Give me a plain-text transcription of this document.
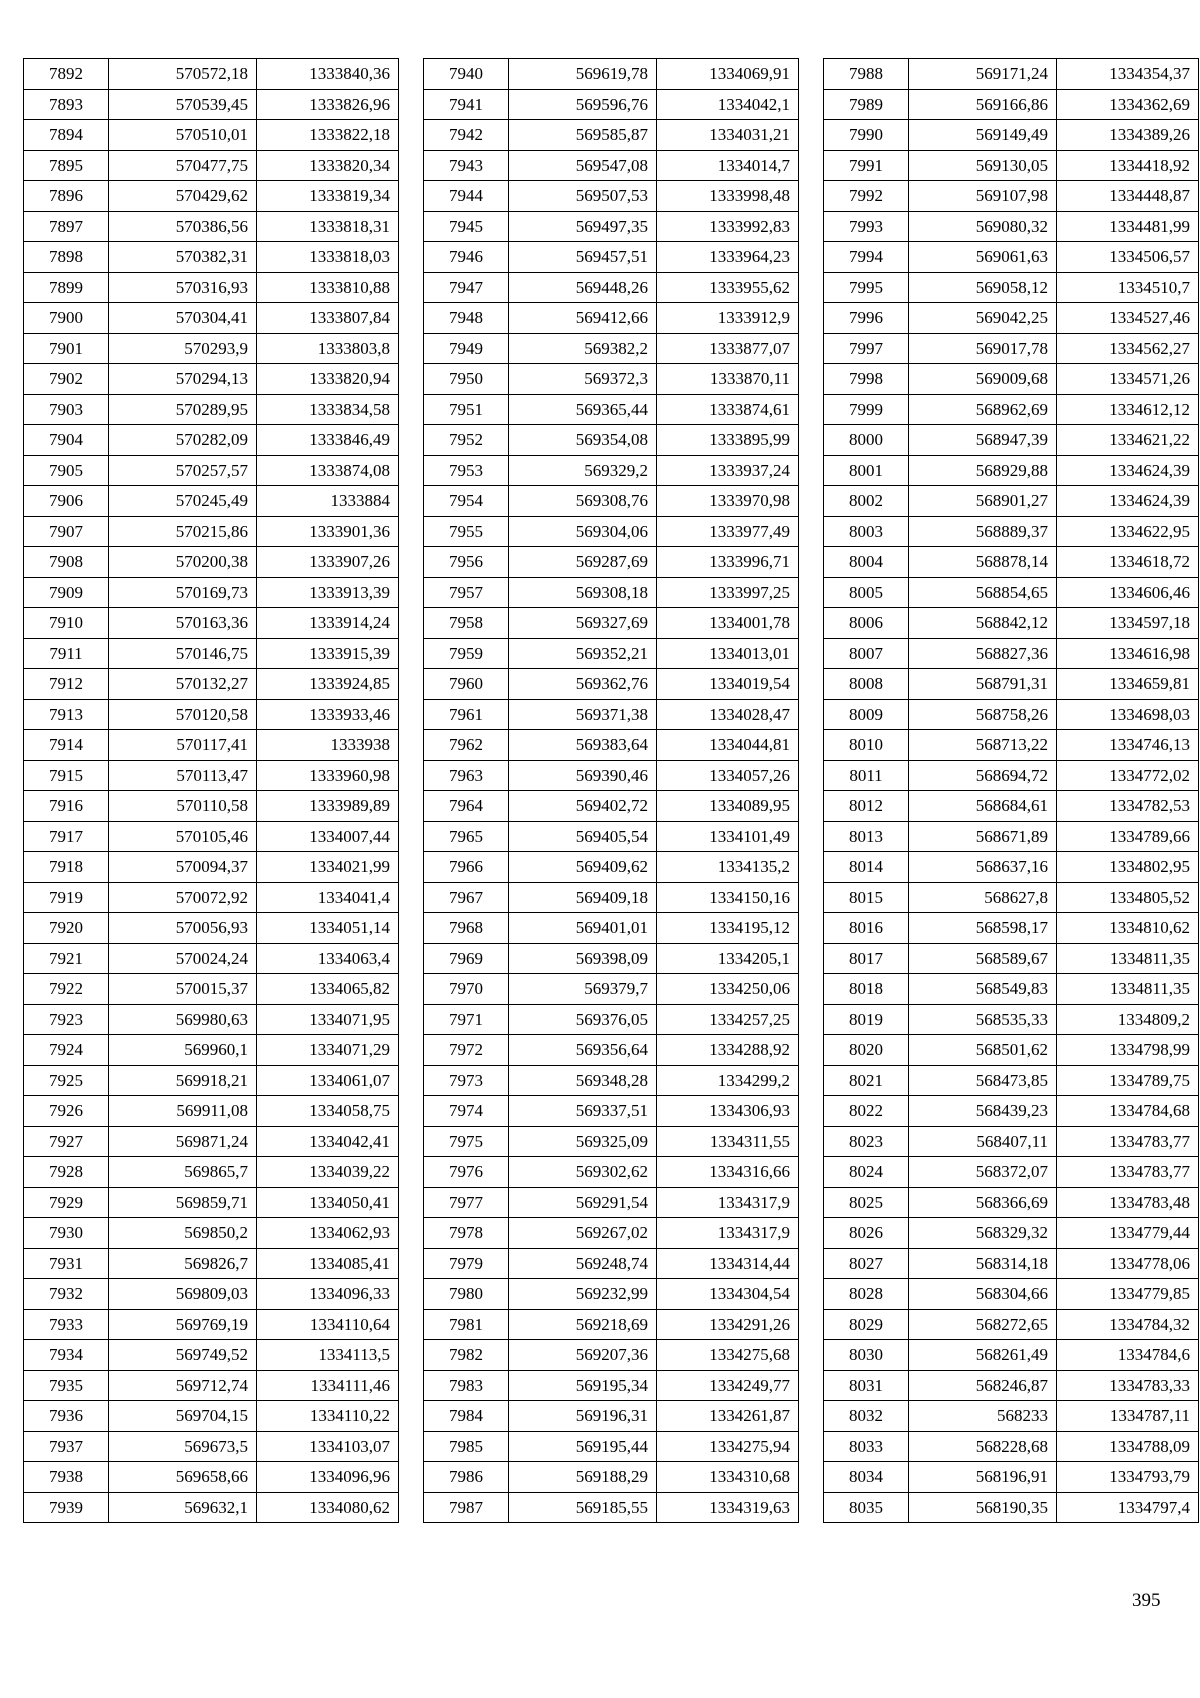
7892	570572,18	1333840,36
7893	570539,45	1333826,96
7894	570510,01	1333822,18
7895	570477,75	1333820,34
7896	570429,62	1333819,34
7897	570386,56	1333818,31
7898	570382,31	1333818,03
7899	570316,93	1333810,88
7900	570304,41	1333807,84
7901	570293,9	1333803,8
7902	570294,13	1333820,94
7903	570289,95	1333834,58
7904	570282,09	1333846,49
7905	570257,57	1333874,08
7906	570245,49	1333884
7907	570215,86	1333901,36
7908	570200,38	1333907,26
7909	570169,73	1333913,39
7910	570163,36	1333914,24
7911	570146,75	1333915,39
7912	570132,27	1333924,85
7913	570120,58	1333933,46
7914	570117,41	1333938
7915	570113,47	1333960,98
7916	570110,58	1333989,89
7917	570105,46	1334007,44
7918	570094,37	1334021,99
7919	570072,92	1334041,4
7920	570056,93	1334051,14
7921	570024,24	1334063,4
7922	570015,37	1334065,82
7923	569980,63	1334071,95
7924	569960,1	1334071,29
7925	569918,21	1334061,07
7926	569911,08	1334058,75
7927	569871,24	1334042,41
7928	569865,7	1334039,22
7929	569859,71	1334050,41
7930	569850,2	1334062,93
7931	569826,7	1334085,41
7932	569809,03	1334096,33
7933	569769,19	1334110,64
7934	569749,52	1334113,5
7935	569712,74	1334111,46
7936	569704,15	1334110,22
7937	569673,5	1334103,07
7938	569658,66	1334096,96
7939	569632,1	1334080,62
7940	569619,78	1334069,91
7941	569596,76	1334042,1
7942	569585,87	1334031,21
7943	569547,08	1334014,7
7944	569507,53	1333998,48
7945	569497,35	1333992,83
7946	569457,51	1333964,23
7947	569448,26	1333955,62
7948	569412,66	1333912,9
7949	569382,2	1333877,07
7950	569372,3	1333870,11
7951	569365,44	1333874,61
7952	569354,08	1333895,99
7953	569329,2	1333937,24
7954	569308,76	1333970,98
7955	569304,06	1333977,49
7956	569287,69	1333996,71
7957	569308,18	1333997,25
7958	569327,69	1334001,78
7959	569352,21	1334013,01
7960	569362,76	1334019,54
7961	569371,38	1334028,47
7962	569383,64	1334044,81
7963	569390,46	1334057,26
7964	569402,72	1334089,95
7965	569405,54	1334101,49
7966	569409,62	1334135,2
7967	569409,18	1334150,16
7968	569401,01	1334195,12
7969	569398,09	1334205,1
7970	569379,7	1334250,06
7971	569376,05	1334257,25
7972	569356,64	1334288,92
7973	569348,28	1334299,2
7974	569337,51	1334306,93
7975	569325,09	1334311,55
7976	569302,62	1334316,66
7977	569291,54	1334317,9
7978	569267,02	1334317,9
7979	569248,74	1334314,44
7980	569232,99	1334304,54
7981	569218,69	1334291,26
7982	569207,36	1334275,68
7983	569195,34	1334249,77
7984	569196,31	1334261,87
7985	569195,44	1334275,94
7986	569188,29	1334310,68
7987	569185,55	1334319,63
7988	569171,24	1334354,37
7989	569166,86	1334362,69
7990	569149,49	1334389,26
7991	569130,05	1334418,92
7992	569107,98	1334448,87
7993	569080,32	1334481,99
7994	569061,63	1334506,57
7995	569058,12	1334510,7
7996	569042,25	1334527,46
7997	569017,78	1334562,27
7998	569009,68	1334571,26
7999	568962,69	1334612,12
8000	568947,39	1334621,22
8001	568929,88	1334624,39
8002	568901,27	1334624,39
8003	568889,37	1334622,95
8004	568878,14	1334618,72
8005	568854,65	1334606,46
8006	568842,12	1334597,18
8007	568827,36	1334616,98
8008	568791,31	1334659,81
8009	568758,26	1334698,03
8010	568713,22	1334746,13
8011	568694,72	1334772,02
8012	568684,61	1334782,53
8013	568671,89	1334789,66
8014	568637,16	1334802,95
8015	568627,8	1334805,52
8016	568598,17	1334810,62
8017	568589,67	1334811,35
8018	568549,83	1334811,35
8019	568535,33	1334809,2
8020	568501,62	1334798,99
8021	568473,85	1334789,75
8022	568439,23	1334784,68
8023	568407,11	1334783,77
8024	568372,07	1334783,77
8025	568366,69	1334783,48
8026	568329,32	1334779,44
8027	568314,18	1334778,06
8028	568304,66	1334779,85
8029	568272,65	1334784,32
8030	568261,49	1334784,6
8031	568246,87	1334783,33
8032	568233	1334787,11
8033	568228,68	1334788,09
8034	568196,91	1334793,79
8035	568190,35	1334797,4
395
